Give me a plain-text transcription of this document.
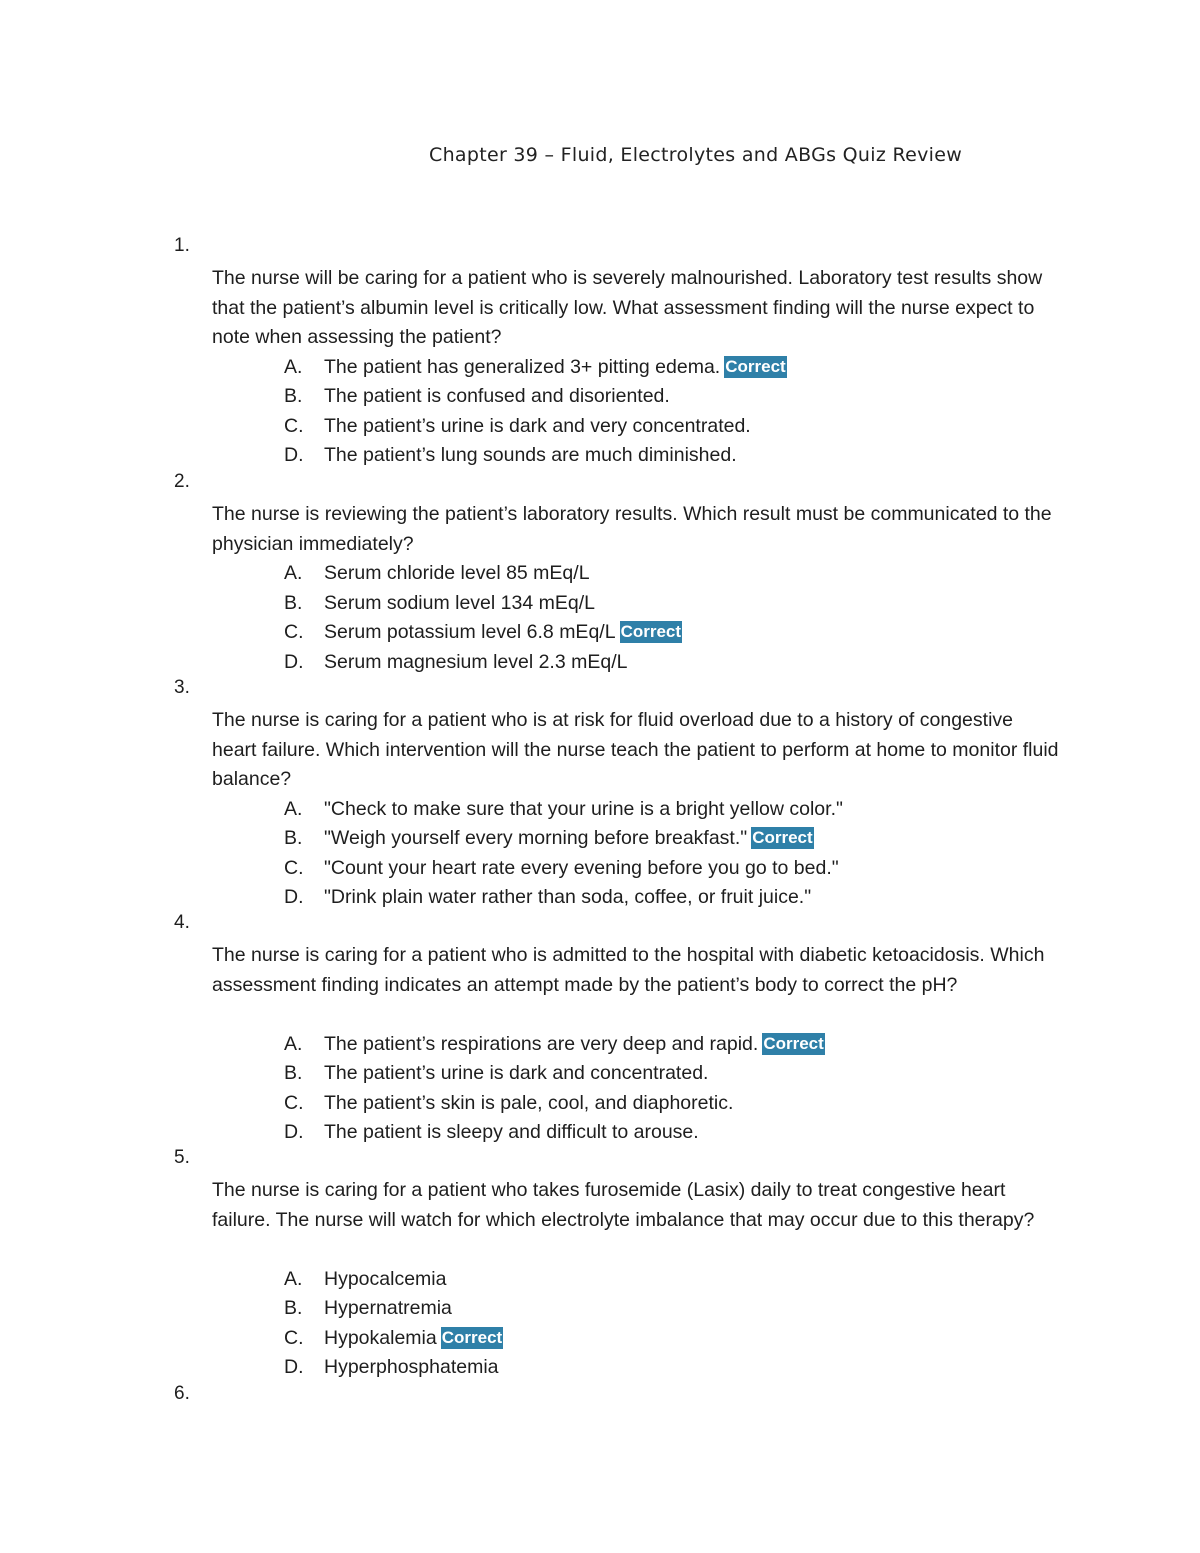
Chapter 39 – Fluid, Electrolytes and ABGs Quiz Review
1.
The nurse will be caring for a patient who is severely malnourished. Laboratory test results show that the patient’s albumin level is critically low. What assessment finding will the nurse expect to note when assessing the patient?
A. The patient has generalized 3+ pitting edema. Correct
B. The patient is confused and disoriented.
C. The patient’s urine is dark and very concentrated.
D. The patient’s lung sounds are much diminished.
2.
The nurse is reviewing the patient’s laboratory results. Which result must be communicated to the physician immediately?
A. Serum chloride level 85 mEq/L
B. Serum sodium level 134 mEq/L
C. Serum potassium level 6.8 mEq/L Correct
D. Serum magnesium level 2.3 mEq/L
3.
The nurse is caring for a patient who is at risk for fluid overload due to a history of congestive heart failure. Which intervention will the nurse teach the patient to perform at home to monitor fluid balance?
A. "Check to make sure that your urine is a bright yellow color."
B. "Weigh yourself every morning before breakfast." Correct
C. "Count your heart rate every evening before you go to bed."
D. "Drink plain water rather than soda, coffee, or fruit juice."
4.
The nurse is caring for a patient who is admitted to the hospital with diabetic ketoacidosis. Which assessment finding indicates an attempt made by the patient’s body to correct the pH?
A. The patient’s respirations are very deep and rapid. Correct
B. The patient’s urine is dark and concentrated.
C. The patient’s skin is pale, cool, and diaphoretic.
D. The patient is sleepy and difficult to arouse.
5.
The nurse is caring for a patient who takes furosemide (Lasix) daily to treat congestive heart failure. The nurse will watch for which electrolyte imbalance that may occur due to this therapy?
A. Hypocalcemia
B. Hypernatremia
C. Hypokalemia Correct
D. Hyperphosphatemia
6.
